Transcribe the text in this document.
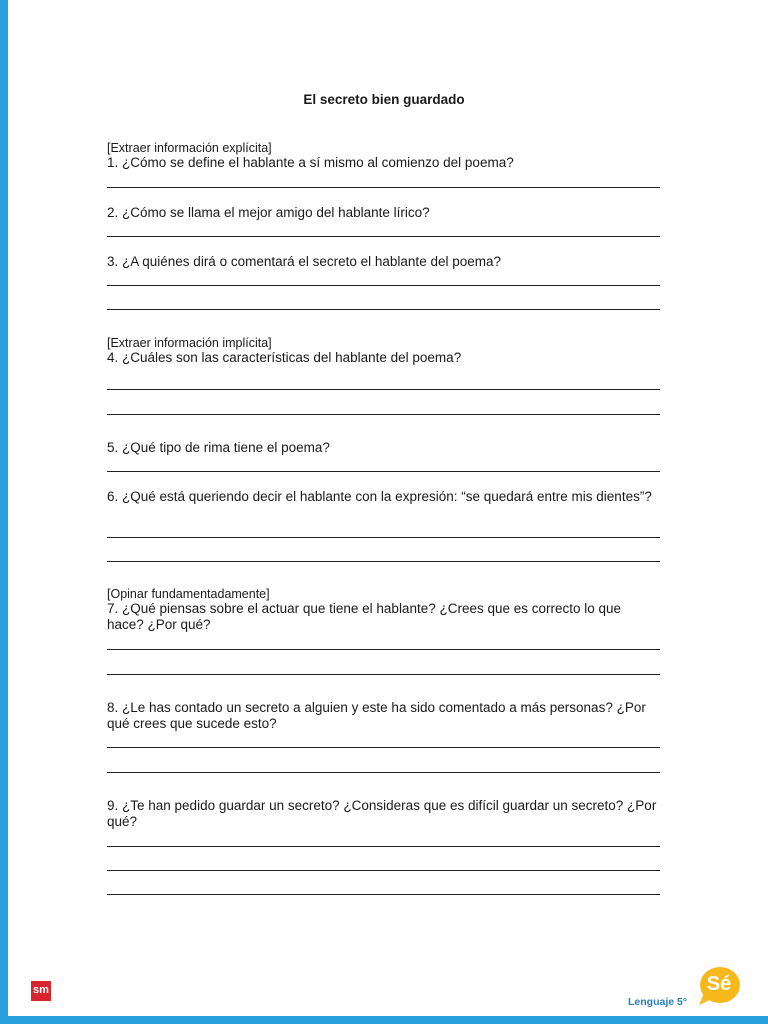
El secreto bien guardado
[Extraer información explícita]
1. ¿Cómo se define el hablante a sí mismo al comienzo del poema?
2. ¿Cómo se llama el mejor amigo del hablante lírico?
3. ¿A quiénes dirá o comentará el secreto el hablante del poema?
[Extraer información implícita]
4. ¿Cuáles son las características del hablante del poema?
5. ¿Qué tipo de rima tiene el poema?
6. ¿Qué está queriendo decir el hablante con la expresión: “se quedará entre mis dientes”?
[Opinar fundamentadamente]
7. ¿Qué piensas sobre el actuar que tiene el hablante? ¿Crees que es correcto lo que hace? ¿Por qué?
8. ¿Le has contado un secreto a alguien y este ha sido comentado a más personas? ¿Por qué crees que sucede esto?
9. ¿Te han pedido guardar un secreto? ¿Consideras que es difícil guardar un secreto? ¿Por qué?
sm
Lenguaje 5°
Sé
